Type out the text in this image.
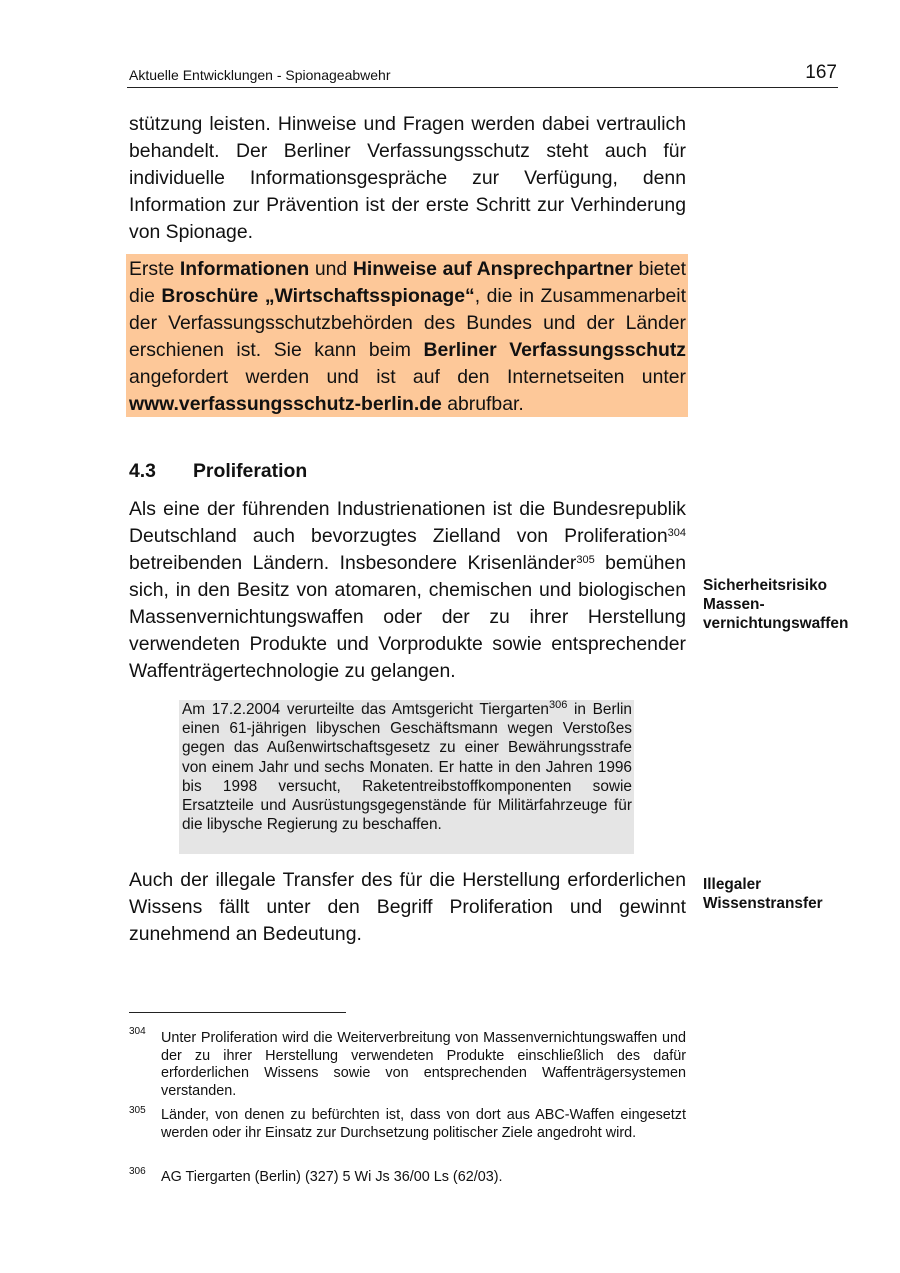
Aktuelle Entwicklungen - Spionageabwehr	167

stützung leisten. Hinweise und Fragen werden dabei vertraulich behandelt. Der Berliner Verfassungsschutz steht auch für individuelle Informationsgespräche zur Verfügung, denn Information zur Prävention ist der erste Schritt zur Verhinderung von Spionage.

Erste Informationen und Hinweise auf Ansprechpartner bietet die Broschüre „Wirtschaftsspionage“, die in Zusammenarbeit der Verfassungsschutzbehörden des Bundes und der Länder erschienen ist. Sie kann beim Berliner Verfassungsschutz angefordert werden und ist auf den Internetseiten unter www.verfassungsschutz-berlin.de abrufbar.

4.3 Proliferation

Als eine der führenden Industrienationen ist die Bundesrepublik Deutschland auch bevorzugtes Zielland von Proliferation$^{304}$ betreibenden Ländern. Insbesondere Krisenländer$^{305}$ bemühen sich, in den Besitz von atomaren, chemischen und biologischen Massenvernichtungswaffen oder der zu ihrer Herstellung verwendeten Produkte und Vorprodukte sowie entsprechender Waffenträgertechnologie zu gelangen.

Sicherheitsrisiko
Massen-
vernichtungswaffen
Am 17.2.2004 verurteilte das Amtsgericht Tiergarten$^{306}$ in Berlin einen 61-jährigen libyschen Geschäftsmann wegen Verstoßes gegen das Außenwirtschaftsgesetz zu einer Bewährungsstrafe von einem Jahr und sechs Monaten. Er hatte in den Jahren 1996 bis 1998 versucht, Raketentreibstoffkomponenten sowie Ersatzteile und Ausrüstungsgegenstände für Militärfahrzeuge für die libysche Regierung zu beschaffen.

Auch der illegale Transfer des für die Herstellung erforderlichen Wissens fällt unter den Begriff Proliferation und gewinnt zunehmend an Bedeutung.

Illegaler
Wissenstransfer
304 Unter Proliferation wird die Weiterverbreitung von Massenvernichtungswaffen und der zu ihrer Herstellung verwendeten Produkte einschließlich des dafür erforderlichen Wissens sowie von entsprechenden Waffenträgersystemen verstanden.
305 Länder, von denen zu befürchten ist, dass von dort aus ABC-Waffen eingesetzt werden oder ihr Einsatz zur Durchsetzung politischer Ziele angedroht wird.
306 AG Tiergarten (Berlin) (327) 5 Wi Js 36/00 Ls (62/03).
